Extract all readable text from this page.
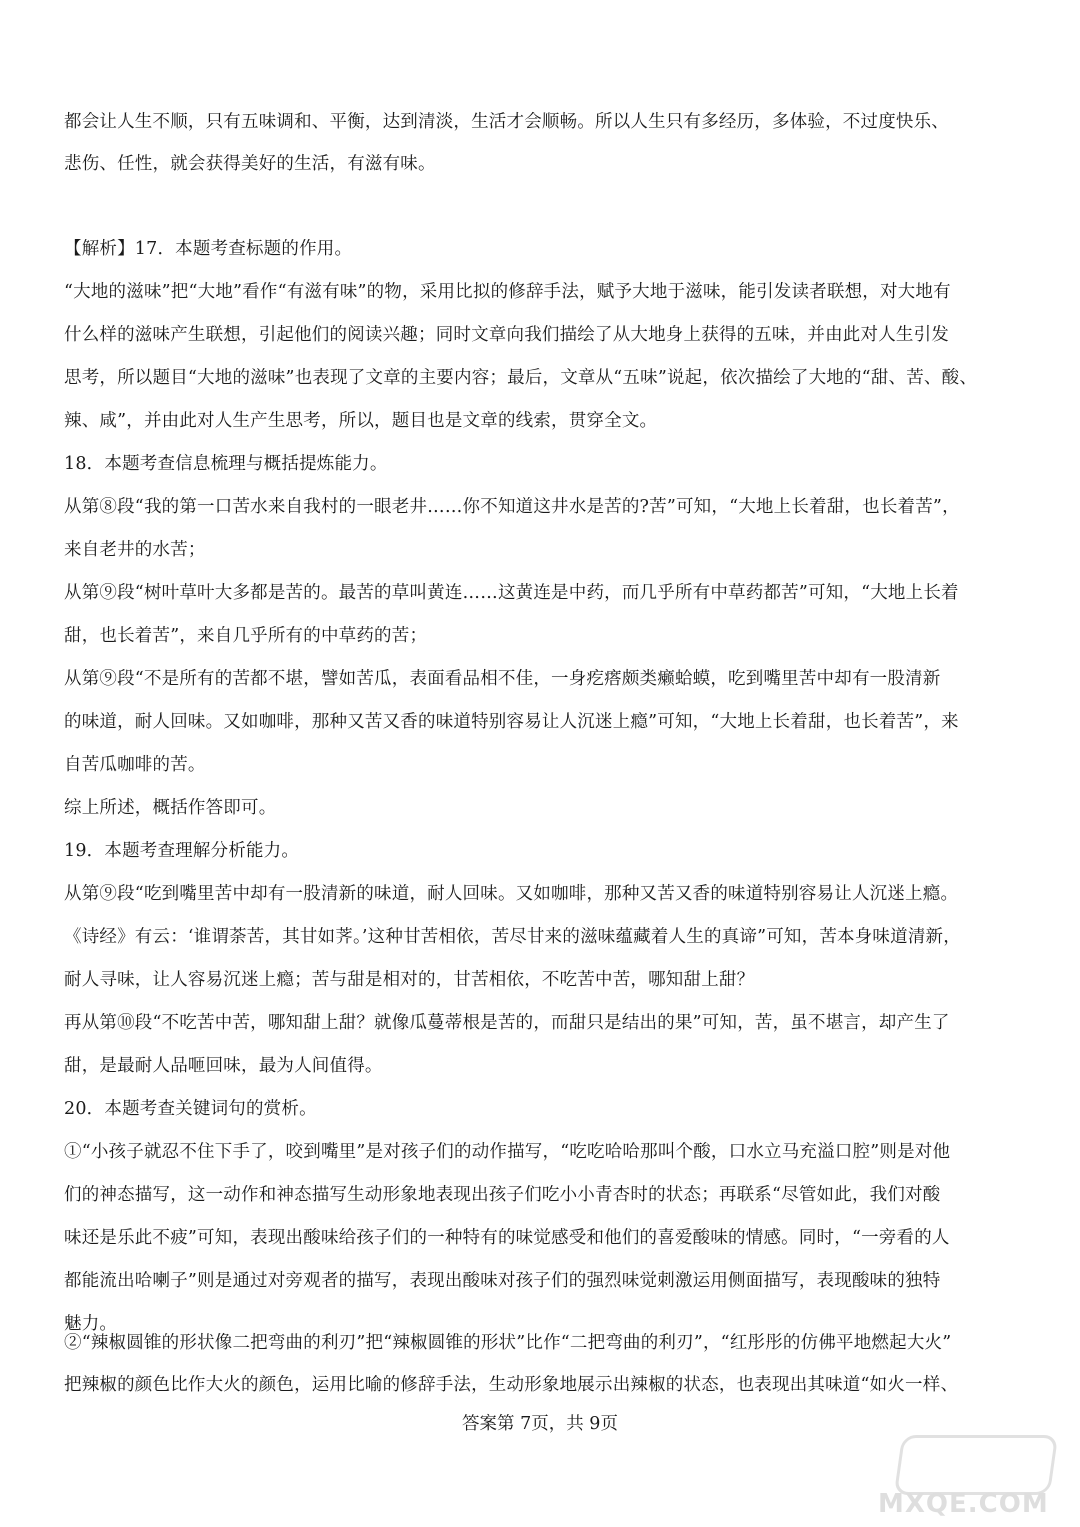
都会让人生不顺，只有五味调和、平衡，达到清淡，生活才会顺畅。所以人生只有多经历，多体验，不过度快乐、
悲伤、任性，就会获得美好的生活，有滋有味。
【解析】17．本题考查标题的作用。
“大地的滋味”把“大地”看作“有滋有味”的物，采用比拟的修辞手法，赋予大地于滋味，能引发读者联想，对大地有
什么样的滋味产生联想，引起他们的阅读兴趣；同时文章向我们描绘了从大地身上获得的五味，并由此对人生引发
思考，所以题目“大地的滋味”也表现了文章的主要内容；最后，文章从“五味”说起，依次描绘了大地的“甜、苦、酸、
辣、咸”，并由此对人生产生思考，所以，题目也是文章的线索，贯穿全文。
18．本题考查信息梳理与概括提炼能力。
从第⑧段“我的第一口苦水来自我村的一眼老井……你不知道这井水是苦的?苦”可知，“大地上长着甜，也长着苦”，
来自老井的水苦；
从第⑨段“树叶草叶大多都是苦的。最苦的草叫黄连……这黄连是中药，而几乎所有中草药都苦”可知，“大地上长着
甜，也长着苦”，来自几乎所有的中草药的苦；
从第⑨段“不是所有的苦都不堪，譬如苦瓜，表面看品相不佳，一身疙瘩颇类癞蛤蟆，吃到嘴里苦中却有一股清新
的味道，耐人回味。又如咖啡，那种又苦又香的味道特别容易让人沉迷上瘾”可知，“大地上长着甜，也长着苦”，来
自苦瓜咖啡的苦。
综上所述，概括作答即可。
19．本题考查理解分析能力。
从第⑨段“吃到嘴里苦中却有一股清新的味道，耐人回味。又如咖啡，那种又苦又香的味道特别容易让人沉迷上瘾。
《诗经》有云：‘谁谓荼苦，其甘如荠。’这种甘苦相依，苦尽甘来的滋味蕴藏着人生的真谛”可知，苦本身味道清新，
耐人寻味，让人容易沉迷上瘾；苦与甜是相对的，甘苦相依，不吃苦中苦，哪知甜上甜？
再从第⑩段“不吃苦中苦，哪知甜上甜？就像瓜蔓蒂根是苦的，而甜只是结出的果”可知，苦，虽不堪言，却产生了
甜，是最耐人品咂回味，最为人间值得。
20．本题考查关键词句的赏析。
①“小孩子就忍不住下手了，咬到嘴里”是对孩子们的动作描写，“吃吃哈哈那叫个酸，口水立马充溢口腔”则是对他
们的神态描写，这一动作和神态描写生动形象地表现出孩子们吃小小青杏时的状态；再联系“尽管如此，我们对酸
味还是乐此不疲”可知，表现出酸味给孩子们的一种特有的味觉感受和他们的喜爱酸味的情感。同时，“一旁看的人
都能流出哈喇子”则是通过对旁观者的描写，表现出酸味对孩子们的强烈味觉刺激运用侧面描写，表现酸味的独特
魅力。
②“辣椒圆锥的形状像二把弯曲的利刃”把“辣椒圆锥的形状”比作“二把弯曲的利刃”，“红彤彤的仿佛平地燃起大火”
把辣椒的颜色比作大火的颜色，运用比喻的修辞手法，生动形象地展示出辣椒的状态，也表现出其味道“如火一样、
答案第 7页，共 9页
MXQE.COM
